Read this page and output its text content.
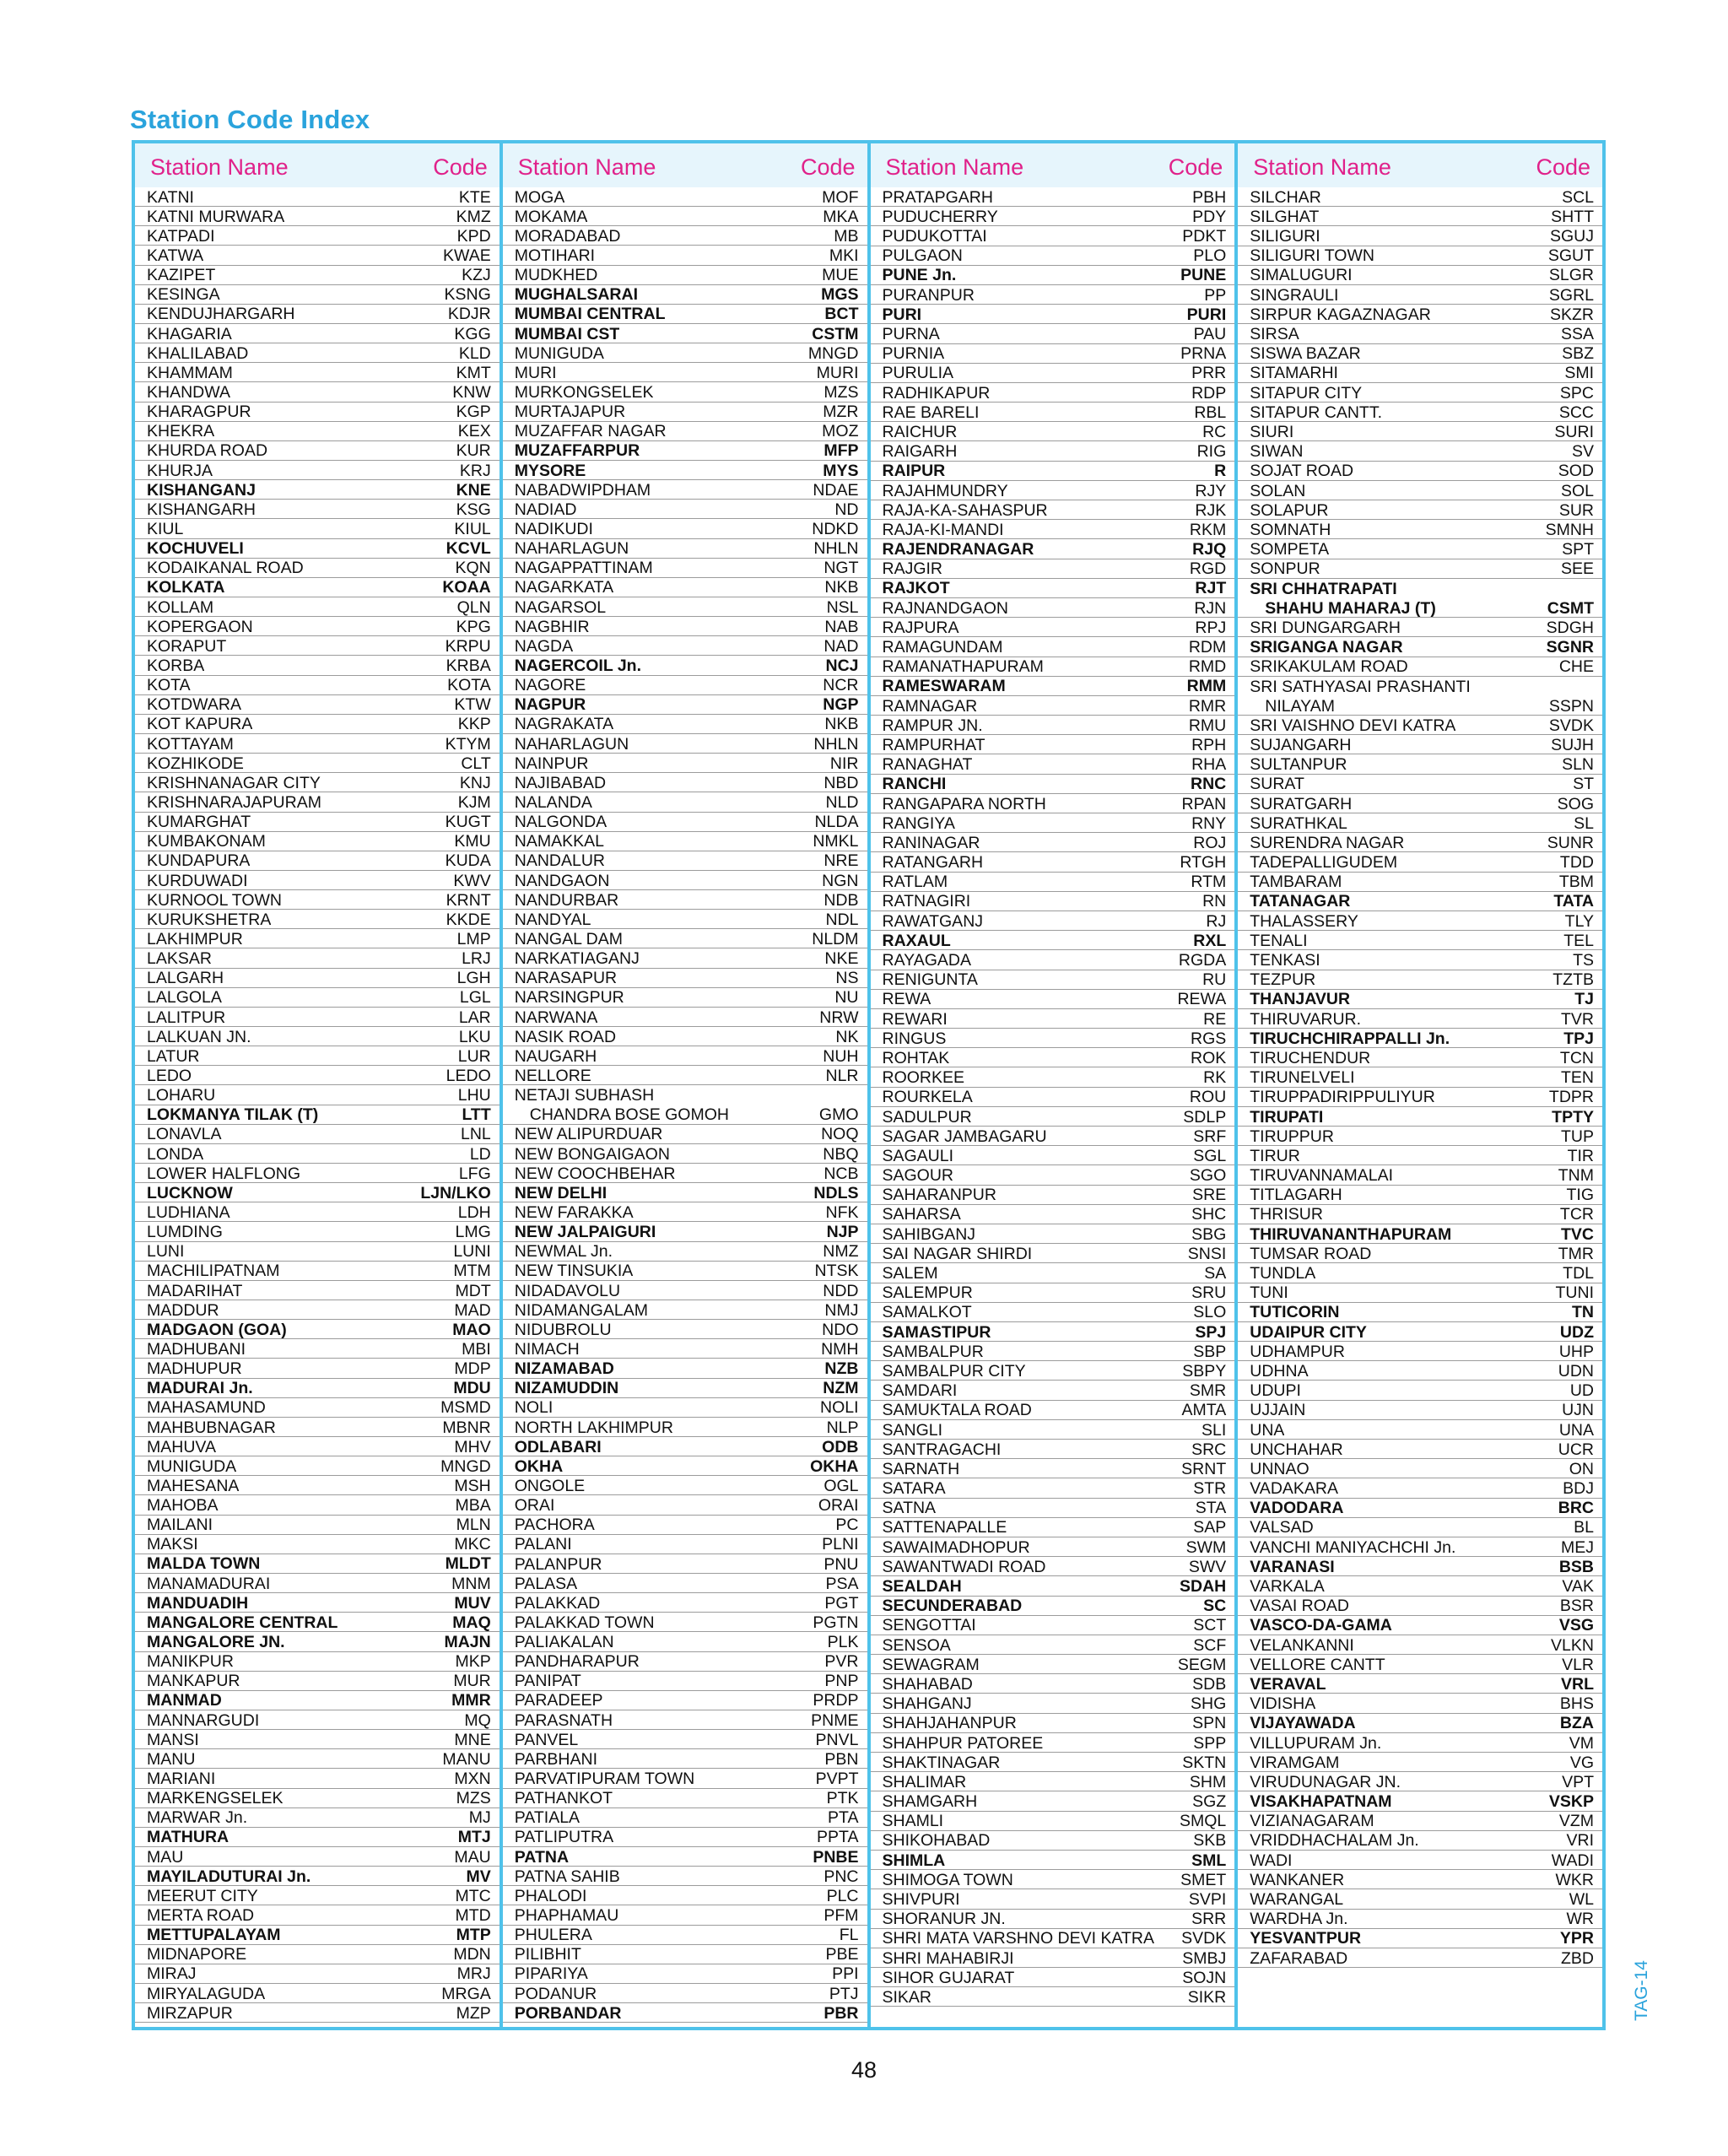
Station Code Index
Station Name	Code
KATNI	KTE
KATNI MURWARA	KMZ
KATPADI	KPD
KATWA	KWAE
KAZIPET	KZJ
KESINGA	KSNG
KENDUJHARGARH	KDJR
KHAGARIA	KGG
KHALILABAD	KLD
KHAMMAM	KMT
KHANDWA	KNW
KHARAGPUR	KGP
KHEKRA	KEX
KHURDA ROAD	KUR
KHURJA	KRJ
KISHANGANJ	KNE
KISHANGARH	KSG
KIUL	KIUL
KOCHUVELI	KCVL
KODAIKANAL ROAD	KQN
KOLKATA	KOAA
KOLLAM	QLN
KOPERGAON	KPG
KORAPUT	KRPU
KORBA	KRBA
KOTA	KOTA
KOTDWARA	KTW
KOT KAPURA	KKP
KOTTAYAM	KTYM
KOZHIKODE	CLT
KRISHNANAGAR CITY	KNJ
KRISHNARAJAPURAM	KJM
KUMARGHAT	KUGT
KUMBAKONAM	KMU
KUNDAPURA	KUDA
KURDUWADI	KWV
KURNOOL TOWN	KRNT
KURUKSHETRA	KKDE
LAKHIMPUR	LMP
LAKSAR	LRJ
LALGARH	LGH
LALGOLA	LGL
LALITPUR	LAR
LALKUAN JN.	LKU
LATUR	LUR
LEDO	LEDO
LOHARU	LHU
LOKMANYA TILAK (T)	LTT
LONAVLA	LNL
LONDA	LD
LOWER HALFLONG	LFG
LUCKNOW	LJN/LKO
LUDHIANA	LDH
LUMDING	LMG
LUNI	LUNI
MACHILIPATNAM	MTM
MADARIHAT	MDT
MADDUR	MAD
MADGAON (GOA)	MAO
MADHUBANI	MBI
MADHUPUR	MDP
MADURAI Jn.	MDU
MAHASAMUND	MSMD
MAHBUBNAGAR	MBNR
MAHUVA	MHV
MUNIGUDA	MNGD
MAHESANA	MSH
MAHOBA	MBA
MAILANI	MLN
MAKSI	MKC
MALDA TOWN	MLDT
MANAMADURAI	MNM
MANDUADIH	MUV
MANGALORE CENTRAL	MAQ
MANGALORE JN.	MAJN
MANIKPUR	MKP
MANKAPUR	MUR
MANMAD	MMR
MANNARGUDI	MQ
MANSI	MNE
MANU	MANU
MARIANI	MXN
MARKENGSELEK	MZS
MARWAR Jn.	MJ
MATHURA	MTJ
MAU	MAU
MAYILADUTURAI Jn.	MV
MEERUT CITY	MTC
MERTA ROAD	MTD
METTUPALAYAM	MTP
MIDNAPORE	MDN
MIRAJ	MRJ
MIRYALAGUDA	MRGA
MIRZAPUR	MZP
Station Name	Code
MOGA	MOF
MOKAMA	MKA
MORADABAD	MB
MOTIHARI	MKI
MUDKHED	MUE
MUGHALSARAI	MGS
MUMBAI CENTRAL	BCT
MUMBAI CST	CSTM
MUNIGUDA	MNGD
MURI	MURI
MURKONGSELEK	MZS
MURTAJAPUR	MZR
MUZAFFAR NAGAR	MOZ
MUZAFFARPUR	MFP
MYSORE	MYS
NABADWIPDHAM	NDAE
NADIAD	ND
NADIKUDI	NDKD
NAHARLAGUN	NHLN
NAGAPPATTINAM	NGT
NAGARKATA	NKB
NAGARSOL	NSL
NAGBHIR	NAB
NAGDA	NAD
NAGERCOIL Jn.	NCJ
NAGORE	NCR
NAGPUR	NGP
NAGRAKATA	NKB
NAHARLAGUN	NHLN
NAINPUR	NIR
NAJIBABAD	NBD
NALANDA	NLD
NALGONDA	NLDA
NAMAKKAL	NMKL
NANDALUR	NRE
NANDGAON	NGN
NANDURBAR	NDB
NANDYAL	NDL
NANGAL DAM	NLDM
NARKATIAGANJ	NKE
NARASAPUR	NS
NARSINGPUR	NU
NARWANA	NRW
NASIK ROAD	NK
NAUGARH	NUH
NELLORE	NLR
NETAJI SUBHASH
CHANDRA BOSE GOMOH	GMO
NEW ALIPURDUAR	NOQ
NEW BONGAIGAON	NBQ
NEW COOCHBEHAR	NCB
NEW DELHI	NDLS
NEW FARAKKA	NFK
NEW JALPAIGURI	NJP
NEWMAL Jn.	NMZ
NEW TINSUKIA	NTSK
NIDADAVOLU	NDD
NIDAMANGALAM	NMJ
NIDUBROLU	NDO
NIMACH	NMH
NIZAMABAD	NZB
NIZAMUDDIN	NZM
NOLI	NOLI
NORTH LAKHIMPUR	NLP
ODLABARI	ODB
OKHA	OKHA
ONGOLE	OGL
ORAI	ORAI
PACHORA	PC
PALANI	PLNI
PALANPUR	PNU
PALASA	PSA
PALAKKAD	PGT
PALAKKAD TOWN	PGTN
PALIAKALAN	PLK
PANDHARAPUR	PVR
PANIPAT	PNP
PARADEEP	PRDP
PARASNATH	PNME
PANVEL	PNVL
PARBHANI	PBN
PARVATIPURAM TOWN	PVPT
PATHANKOT	PTK
PATIALA	PTA
PATLIPUTRA	PPTA
PATNA	PNBE
PATNA SAHIB	PNC
PHALODI	PLC
PHAPHAMAU	PFM
PHULERA	FL
PILIBHIT	PBE
PIPARIYA	PPI
PODANUR	PTJ
PORBANDAR	PBR
Station Name	Code
PRATAPGARH	PBH
PUDUCHERRY	PDY
PUDUKOTTAI	PDKT
PULGAON	PLO
PUNE Jn.	PUNE
PURANPUR	PP
PURI	PURI
PURNA	PAU
PURNIA	PRNA
PURULIA	PRR
RADHIKAPUR	RDP
RAE BARELI	RBL
RAICHUR	RC
RAIGARH	RIG
RAIPUR	R
RAJAHMUNDRY	RJY
RAJA-KA-SAHASPUR	RJK
RAJA-KI-MANDI	RKM
RAJENDRANAGAR	RJQ
RAJGIR	RGD
RAJKOT	RJT
RAJNANDGAON	RJN
RAJPURA	RPJ
RAMAGUNDAM	RDM
RAMANATHAPURAM	RMD
RAMESWARAM	RMM
RAMNAGAR	RMR
RAMPUR JN.	RMU
RAMPURHAT	RPH
RANAGHAT	RHA
RANCHI	RNC
RANGAPARA NORTH	RPAN
RANGIYA	RNY
RANINAGAR	ROJ
RATANGARH	RTGH
RATLAM	RTM
RATNAGIRI	RN
RAWATGANJ	RJ
RAXAUL	RXL
RAYAGADA	RGDA
RENIGUNTA	RU
REWA	REWA
REWARI	RE
RINGUS	RGS
ROHTAK	ROK
ROORKEE	RK
ROURKELA	ROU
SADULPUR	SDLP
SAGAR JAMBAGARU	SRF
SAGAULI	SGL
SAGOUR	SGO
SAHARANPUR	SRE
SAHARSA	SHC
SAHIBGANJ	SBG
SAI NAGAR SHIRDI	SNSI
SALEM	SA
SALEMPUR	SRU
SAMALKOT	SLO
SAMASTIPUR	SPJ
SAMBALPUR	SBP
SAMBALPUR CITY	SBPY
SAMDARI	SMR
SAMUKTALA ROAD	AMTA
SANGLI	SLI
SANTRAGACHI	SRC
SARNATH	SRNT
SATARA	STR
SATNA	STA
SATTENAPALLE	SAP
SAWAIMADHOPUR	SWM
SAWANTWADI ROAD	SWV
SEALDAH	SDAH
SECUNDERABAD	SC
SENGOTTAI	SCT
SENSOA	SCF
SEWAGRAM	SEGM
SHAHABAD	SDB
SHAHGANJ	SHG
SHAHJAHANPUR	SPN
SHAHPUR PATOREE	SPP
SHAKTINAGAR	SKTN
SHALIMAR	SHM
SHAMGARH	SGZ
SHAMLI	SMQL
SHIKOHABAD	SKB
SHIMLA	SML
SHIMOGA TOWN	SMET
SHIVPURI	SVPI
SHORANUR JN.	SRR
SHRI MATA VARSHNO DEVI KATRA SVDK
SHRI MAHABIRJI	SMBJ
SIHOR GUJARAT	SOJN
SIKAR	SIKR
Station Name	Code
SILCHAR	SCL
SILGHAT	SHTT
SILIGURI	SGUJ
SILIGURI TOWN	SGUT
SIMALUGURI	SLGR
SINGRAULI	SGRL
SIRPUR KAGAZNAGAR	SKZR
SIRSA	SSA
SISWA BAZAR	SBZ
SITAMARHI	SMI
SITAPUR CITY	SPC
SITAPUR CANTT.	SCC
SIURI	SURI
SIWAN	SV
SOJAT ROAD	SOD
SOLAN	SOL
SOLAPUR	SUR
SOMNATH	SMNH
SOMPETA	SPT
SONPUR	SEE
SRI CHHATRAPATI
SHAHU MAHARAJ (T)	CSMT
SRI DUNGARGARH	SDGH
SRIGANGA NAGAR	SGNR
SRIKAKULAM ROAD	CHE
SRI SATHYASAI PRASHANTI
NILAYAM	SSPN
SRI VAISHNO DEVI KATRA	SVDK
SUJANGARH	SUJH
SULTANPUR	SLN
SURAT	ST
SURATGARH	SOG
SURATHKAL	SL
SURENDRA NAGAR	SUNR
TADEPALLIGUDEM	TDD
TAMBARAM	TBM
TATANAGAR	TATA
THALASSERY	TLY
TENALI	TEL
TENKASI	TS
TEZPUR	TZTB
THANJAVUR	TJ
THIRUVARUR.	TVR
TIRUCHCHIRAPPALLI Jn.	TPJ
TIRUCHENDUR	TCN
TIRUNELVELI	TEN
TIRUPPADIRIPPULIYUR	TDPR
TIRUPATI	TPTY
TIRUPPUR	TUP
TIRUR	TIR
TIRUVANNAMALAI	TNM
TITLAGARH	TIG
THRISUR	TCR
THIRUVANANTHAPURAM	TVC
TUMSAR ROAD	TMR
TUNDLA	TDL
TUNI	TUNI
TUTICORIN	TN
UDAIPUR CITY	UDZ
UDHAMPUR	UHP
UDHNA	UDN
UDUPI	UD
UJJAIN	UJN
UNA	UNA
UNCHAHAR	UCR
UNNAO	ON
VADAKARA	BDJ
VADODARA	BRC
VALSAD	BL
VANCHI MANIYACHCHI Jn.	MEJ
VARANASI	BSB
VARKALA	VAK
VASAI ROAD	BSR
VASCO-DA-GAMA	VSG
VELANKANNI	VLKN
VELLORE CANTT	VLR
VERAVAL	VRL
VIDISHA	BHS
VIJAYAWADA	BZA
VILLUPURAM Jn.	VM
VIRAMGAM	VG
VIRUDUNAGAR JN.	VPT
VISAKHAPATNAM	VSKP
VIZIANAGARAM	VZM
VRIDDHACHALAM Jn.	VRI
WADI	WADI
WANKANER	WKR
WARANGAL	WL
WARDHA Jn.	WR
YESVANTPUR	YPR
ZAFARABAD	ZBD
TAG-14
48
